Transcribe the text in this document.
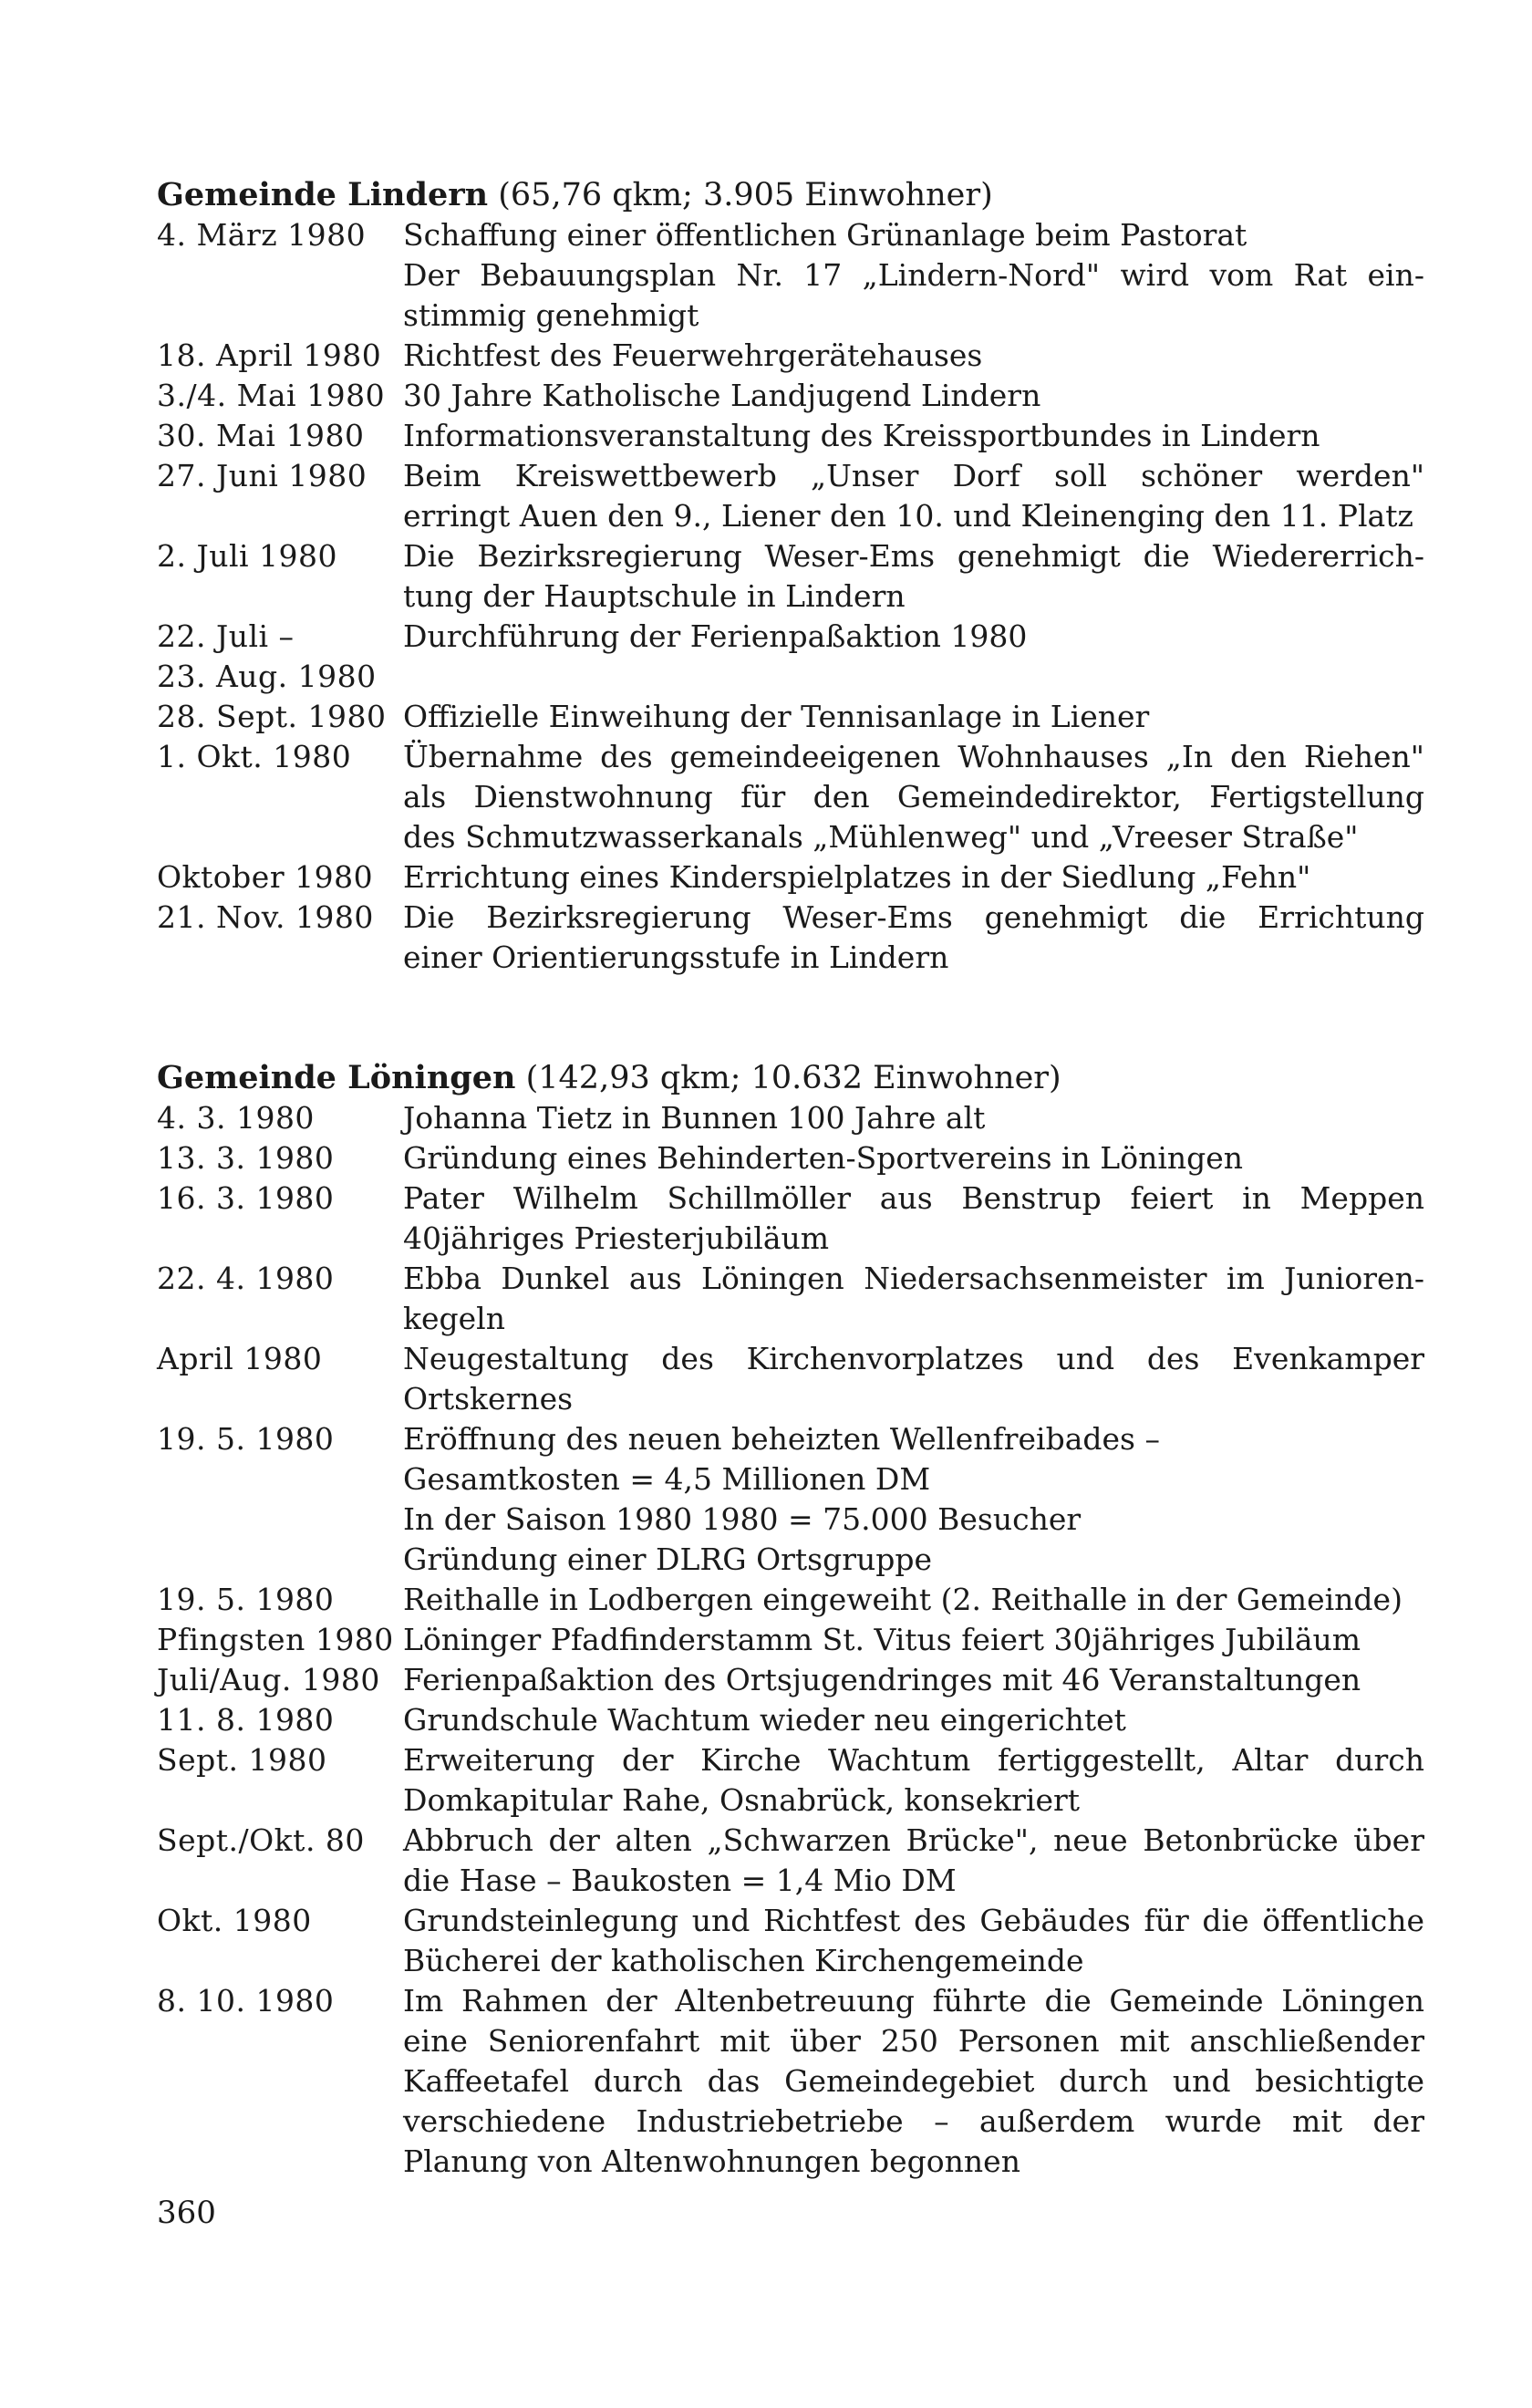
Gemeinde Lindern (65,76 qkm; 3.905 Einwohner)
4. März 1980	Schaffung einer öffentlichen Grünanlage beim Pastorat
Der Bebauungsplan Nr. 17 „Lindern-Nord" wird vom Rat ein-
stimmig genehmigt
18. April 1980 Richtfest des Feuerwehrgerätehauses
3./4. Mai 1980 30 Jahre Katholische Landjugend Lindern
30. Mai 1980	Informationsveranstaltung des Kreissportbundes in Lindern
27. Juni 1980	Beim Kreiswettbewerb „Unser Dorf soll schöner werden"
erringt Auen den 9., Liener den 10. und Kleinenging den 11. Platz
2. Juli 1980	Die Bezirksregierung Weser-Ems genehmigt die Wiedererrich-
tung der Hauptschule in Lindern
22. Juli –	Durchführung der Ferienpaßaktion 1980
23. Aug. 1980
28. Sept. 1980 Offizielle Einweihung der Tennisanlage in Liener
1. Okt. 1980	Übernahme des gemeindeeigenen Wohnhauses „In den Riehen"
als Dienstwohnung für den Gemeindedirektor, Fertigstellung
des Schmutzwasserkanals „Mühlenweg" und „Vreeser Straße"
Oktober 1980 Errichtung eines Kinderspielplatzes in der Siedlung „Fehn"
21. Nov. 1980 Die Bezirksregierung Weser-Ems genehmigt die Errichtung
einer Orientierungsstufe in Lindern
Gemeinde Löningen (142,93 qkm; 10.632 Einwohner)
4. 3. 1980	Johanna Tietz in Bunnen 100 Jahre alt
13. 3. 1980	Gründung eines Behinderten-Sportvereins in Löningen
16. 3. 1980	Pater Wilhelm Schillmöller aus Benstrup feiert in Meppen
40jähriges Priesterjubiläum
22. 4. 1980	Ebba Dunkel aus Löningen Niedersachsenmeister im Junioren-
kegeln
April 1980	Neugestaltung des Kirchenvorplatzes und des Evenkamper
Ortskernes
19. 5. 1980	Eröffnung des neuen beheizten Wellenfreibades –
Gesamtkosten = 4,5 Millionen DM
In der Saison 1980 1980 = 75.000 Besucher
Gründung einer DLRG Ortsgruppe
19. 5. 1980	Reithalle in Lodbergen eingeweiht (2. Reithalle in der Gemeinde)
Pfingsten 1980 Löninger Pfadfinderstamm St. Vitus feiert 30jähriges Jubiläum
Juli/Aug. 1980 Ferienpaßaktion des Ortsjugendringes mit 46 Veranstaltungen
11. 8. 1980	Grundschule Wachtum wieder neu eingerichtet
Sept. 1980	Erweiterung der Kirche Wachtum fertiggestellt, Altar durch
Domkapitular Rahe, Osnabrück, konsekriert
Sept./Okt. 80	Abbruch der alten „Schwarzen Brücke", neue Betonbrücke über
die Hase – Baukosten = 1,4 Mio DM
Okt. 1980	Grundsteinlegung und Richtfest des Gebäudes für die öffentliche
Bücherei der katholischen Kirchengemeinde
8. 10. 1980	Im Rahmen der Altenbetreuung führte die Gemeinde Löningen
eine Seniorenfahrt mit über 250 Personen mit anschließender
Kaffeetafel durch das Gemeindegebiet durch und besichtigte
verschiedene Industriebetriebe – außerdem wurde mit der
Planung von Altenwohnungen begonnen
360
